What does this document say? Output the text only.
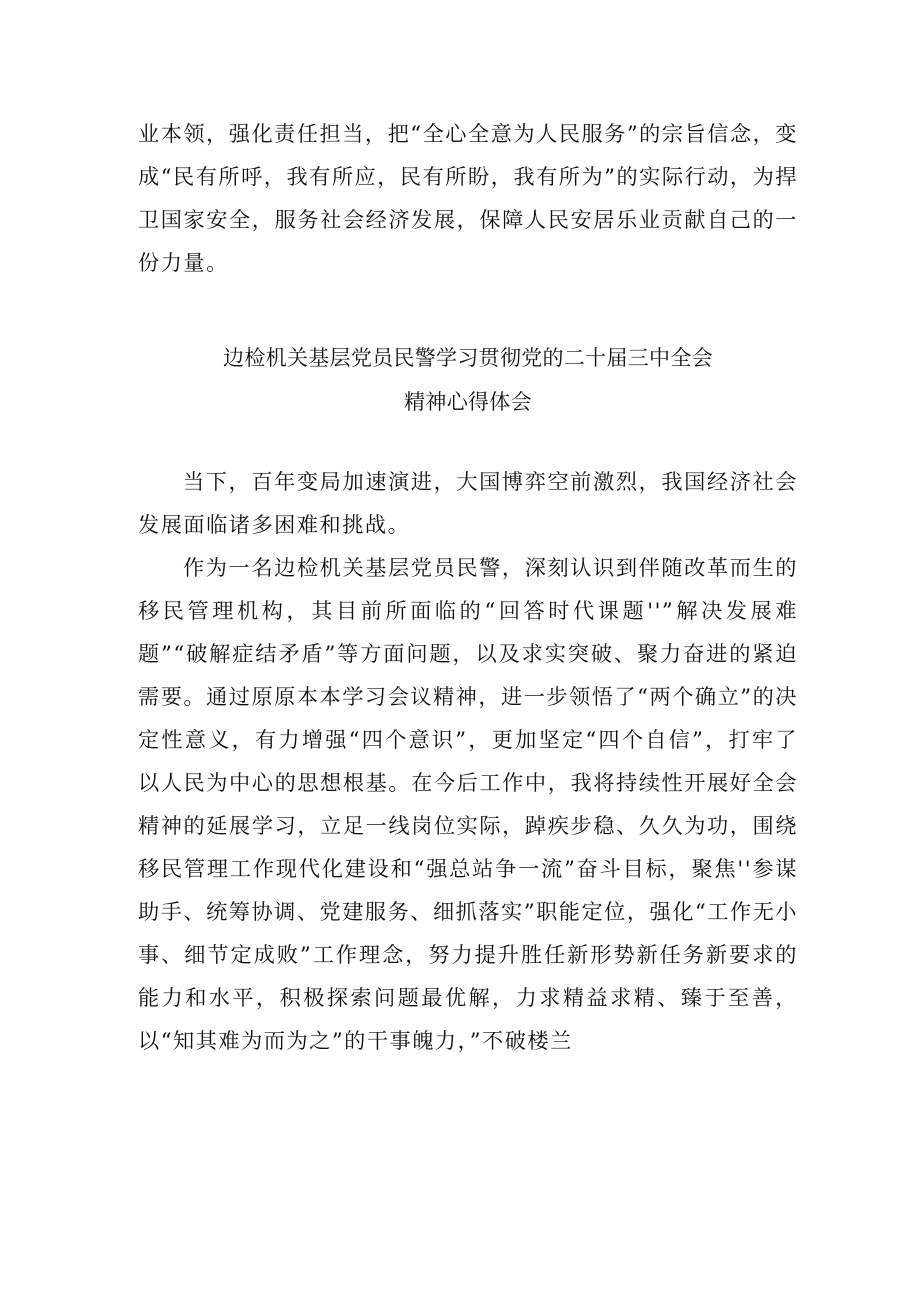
业本领，强化责任担当，把“全心全意为人民服务”的宗旨信念，变成“民有所呼，我有所应，民有所盼，我有所为”的实际行动，为捍卫国家安全，服务社会经济发展，保障人民安居乐业贡献自己的一份力量。

边检机关基层党员民警学习贯彻党的二十届三中全会
精神心得体会

当下，百年变局加速演进，大国博弈空前激烈，我国经济社会发展面临诸多困难和挑战。

作为一名边检机关基层党员民警，深刻认识到伴随改革而生的移民管理机构，其目前所面临的“回答时代课题''”解决发展难题”“破解症结矛盾”等方面问题，以及求实突破、聚力奋进的紧迫需要。通过原原本本学习会议精神，进一步领悟了“两个确立”的决定性意义，有力增强“四个意识”，更加坚定“四个自信”，打牢了以人民为中心的思想根基。在今后工作中，我将持续性开展好全会精神的延展学习，立足一线岗位实际，踔疾步稳、久久为功，围绕移民管理工作现代化建设和“强总站争一流”奋斗目标，聚焦''参谋助手、统筹协调、党建服务、细抓落实”职能定位，强化“工作无小事、细节定成败”工作理念，努力提升胜任新形势新任务新要求的能力和水平，积极探索问题最优解，力求精益求精、臻于至善，以“知其难为而为之”的干事魄力，”不破楼兰
